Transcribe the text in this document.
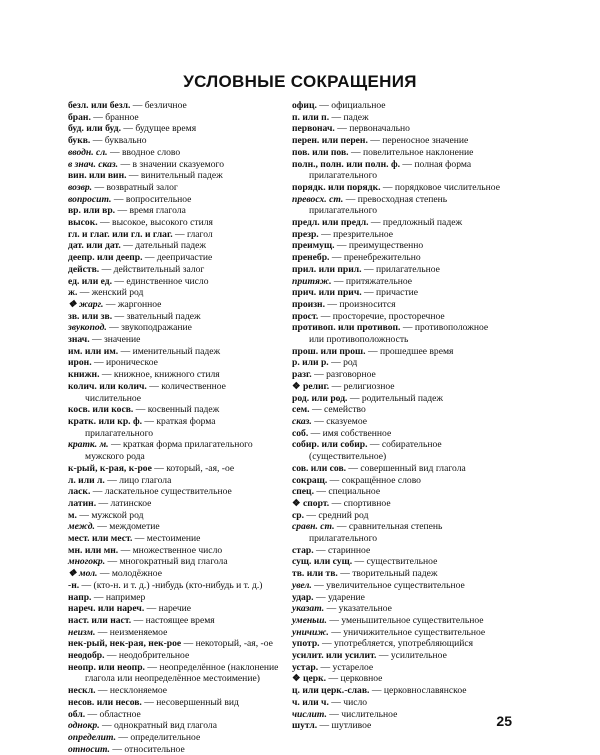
УСЛОВНЫЕ СОКРАЩЕНИЯ
безл. или безл. — безличное
бран. — бранное
буд. или буд. — будущее время
букв. — буквально
вводн. сл. — вводное слово
в знач. сказ. — в значении сказуемого
вин. или вин. — винительный падеж
возвр. — возвратный залог
вопросит. — вопросительное
вр. или вр. — время глагола
высок. — высокое, высокого стиля
гл. и глаг. или гл. и глаг. — глагол
дат. или дат. — дательный падеж
деепр. или деепр. — деепричастие
действ. — действительный залог
ед. или ед. — единственное число
ж. — женский род
❖ жарг. — жаргонное
зв. или зв. — звательный падеж
звукопод. — звукоподражание
знач. — значение
им. или им. — именительный падеж
ирон. — ироническое
книжн. — книжное, книжного стиля
колич. или колич. — количественное числительное
косв. или косв. — косвенный падеж
кратк. или кр. ф. — краткая форма прилагательного
кратк. м. — краткая форма прилагательного мужского рода
к-рый, к-рая, к-рое — который, -ая, -ое
л. или л. — лицо глагола
ласк. — ласкательное существительное
латин. — латинское
м. — мужской род
межд. — междометие
мест. или мест. — местоимение
мн. или мн. — множественное число
многокр. — многократный вид глагола
❖ мол. — молодёжное
-н. — (кто-н. и т. д.) -нибудь (кто-нибудь и т. д.)
напр. — например
нареч. или нареч. — наречие
наст. или наст. — настоящее время
неизм. — неизменяемое
нек-рый, нек-рая, нек-рое — некоторый, -ая, -ое
неодобр. — неодобрительное
неопр. или неопр. — неопределённое (наклонение глагола или неопределённое местоимение)
нескл. — несклоняемое
несов. или несов. — несовершенный вид
обл. — областное
однокр. — однократный вид глагола
определит. — определительное
относит. — относительное
офиц. — официальное
п. или п. — падеж
первонач. — первоначально
перен. или перен. — переносное значение
пов. или пов. — повелительное наклонение
полн., полн. или полн. ф. — полная форма прилагательного
порядк. или порядк. — порядковое числительное
превосх. ст. — превосходная степень прилагательного
предл. или предл. — предложный падеж
презр. — презрительное
преимущ. — преимущественно
пренебр. — пренебрежительно
прил. или прил. — прилагательное
притяж. — притяжательное
прич. или прич. — причастие
произн. — произносится
прост. — просторечие, просторечное
противоп. или противоп. — противоположное или противоположность
прош. или прош. — прошедшее время
р. или р. — род
разг. — разговорное
❖ религ. — религиозное
род. или род. — родительный падеж
сем. — семейство
сказ. — сказуемое
соб. — имя собственное
собир. или собир. — собирательное (существительное)
сов. или сов. — совершенный вид глагола
сокращ. — сокращённое слово
спец. — специальное
❖ спорт. — спортивное
ср. — средний род
сравн. ст. — сравнительная степень прилагательного
стар. — старинное
сущ. или сущ. — существительное
тв. или тв. — творительный падеж
увел. — увеличительное существительное
удар. — ударение
указат. — указательное
уменьш. — уменьшительное существительное
уничиж. — уничижительное существительное
употр. — употребляется, употребляющийся
усилит. или усилит. — усилительное
устар. — устарелое
❖ церк. — церковное
ц. или церк.-слав. — церковнославянское
ч. или ч. — число
числит. — числительное
шутл. — шутливое	25
